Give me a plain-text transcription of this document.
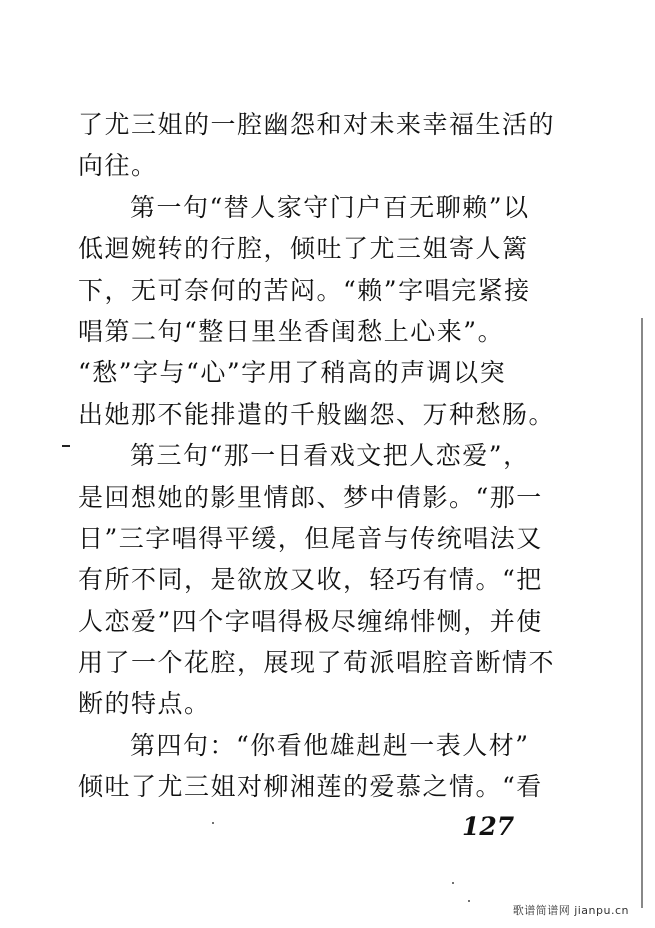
了尤三姐的一腔幽怨和对未来幸福生活的
向往。
第一句“替人家守门户百无聊赖”以
低迴婉转的行腔，倾吐了尤三姐寄人篱
下，无可奈何的苦闷。“赖”字唱完紧接
唱第二句“整日里坐香闺愁上心来”。
“愁”字与“心”字用了稍高的声调以突
出她那不能排遣的千般幽怨、万种愁肠。
第三句“那一日看戏文把人恋爱”，
是回想她的影里情郎、梦中倩影。“那一
日”三字唱得平缓，但尾音与传统唱法又
有所不同，是欲放又收，轻巧有情。“把
人恋爱”四个字唱得极尽缠绵悱恻，并使
用了一个花腔，展现了荀派唱腔音断情不
断的特点。
第四句：“你看他雄赳赳一表人材”
倾吐了尤三姐对柳湘莲的爱慕之情。“看
127
歌谱简谱网 jianpu.cn
